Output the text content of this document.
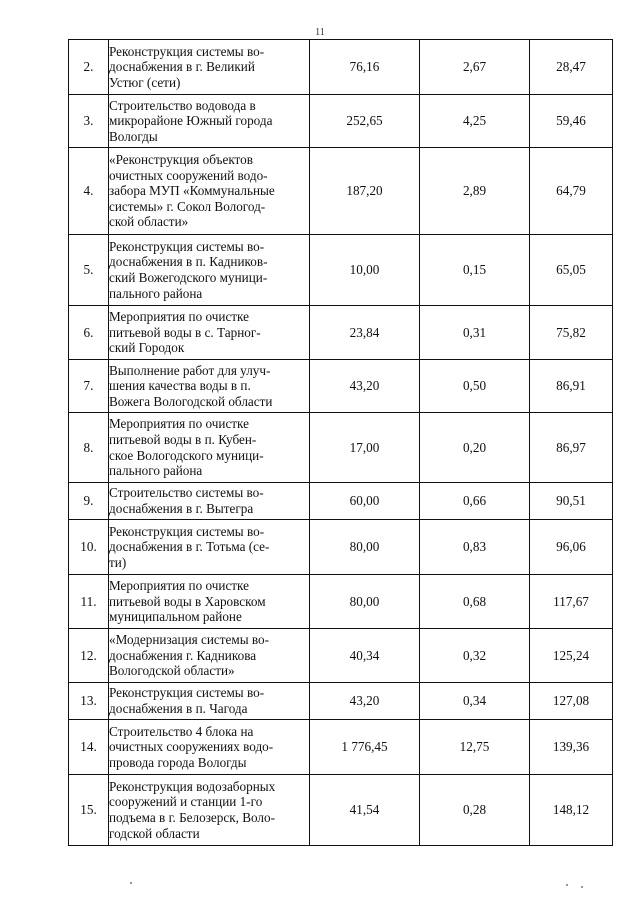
11
2.	Реконструкция системы во-
доснабжения в г. Великий
Устюг (сети)	76,16	2,67	28,47
3.	Строительство водовода в
микрорайоне Южный города
Вологды	252,65	4,25	59,46
4.	«Реконструкция объектов
очистных сооружений водо-
забора МУП «Коммунальные
системы» г. Сокол Вологод-
ской области»	187,20	2,89	64,79
5.	Реконструкция системы во-
доснабжения в п. Кадников-
ский Вожегодского муници-
пального района	10,00	0,15	65,05
6.	Мероприятия по очистке
питьевой воды в с. Тарног-
ский Городок	23,84	0,31	75,82
7.	Выполнение работ для улуч-
шения качества воды в п.
Вожега Вологодской области	43,20	0,50	86,91
8.	Мероприятия по очистке
питьевой воды в п. Кубен-
ское Вологодского муници-
пального района	17,00	0,20	86,97
9.	Строительство системы во-
доснабжения в г. Вытегра	60,00	0,66	90,51
10.	Реконструкция системы во-
доснабжения в г. Тотьма (се-
ти)	80,00	0,83	96,06
11.	Мероприятия по очистке
питьевой воды в Харовском
муниципальном районе	80,00	0,68	117,67
12.	«Модернизация системы во-
доснабжения г. Кадникова
Вологодской области»	40,34	0,32	125,24
13.	Реконструкция системы во-
доснабжения в п. Чагода	43,20	0,34	127,08
14.	Строительство 4 блока на
очистных сооружениях водо-
провода города Вологды	1 776,45	12,75	139,36
15.	Реконструкция водозаборных
сооружений и станции 1-го
подъема в г. Белозерск, Воло-
годской области	41,54	0,28	148,12
